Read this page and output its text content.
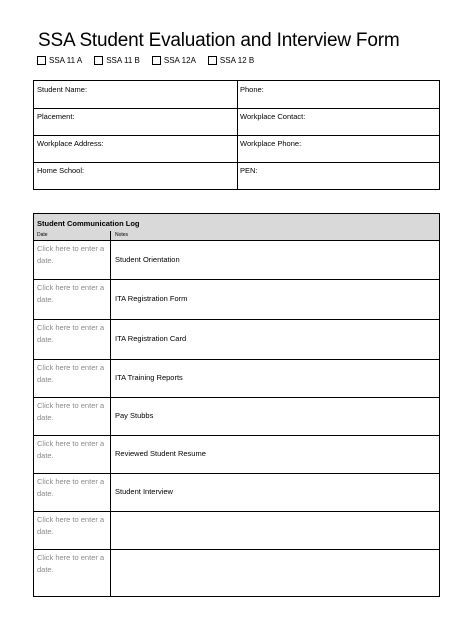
SSA Student Evaluation and Interview Form
SSA 11 A	SSA 11 B	SSA 12A	SSA 12 B
Student Name:	Phone:
Placement:	Workplace Contact:
Workplace Address:	Workplace Phone:
Home School:	PEN:
Student Communication Log
Date	Notes
Click here to enter a
date.	Student Orientation
Click here to enter a
date.	ITA Registration Form
Click here to enter a
date.	ITA Registration Card
Click here to enter a
date.	ITA Training Reports
Click here to enter a
date.	Pay Stubbs
Click here to enter a
date.	Reviewed Student Resume
Click here to enter a
date.	Student Interview
Click here to enter a
date.
Click here to enter a
date.
